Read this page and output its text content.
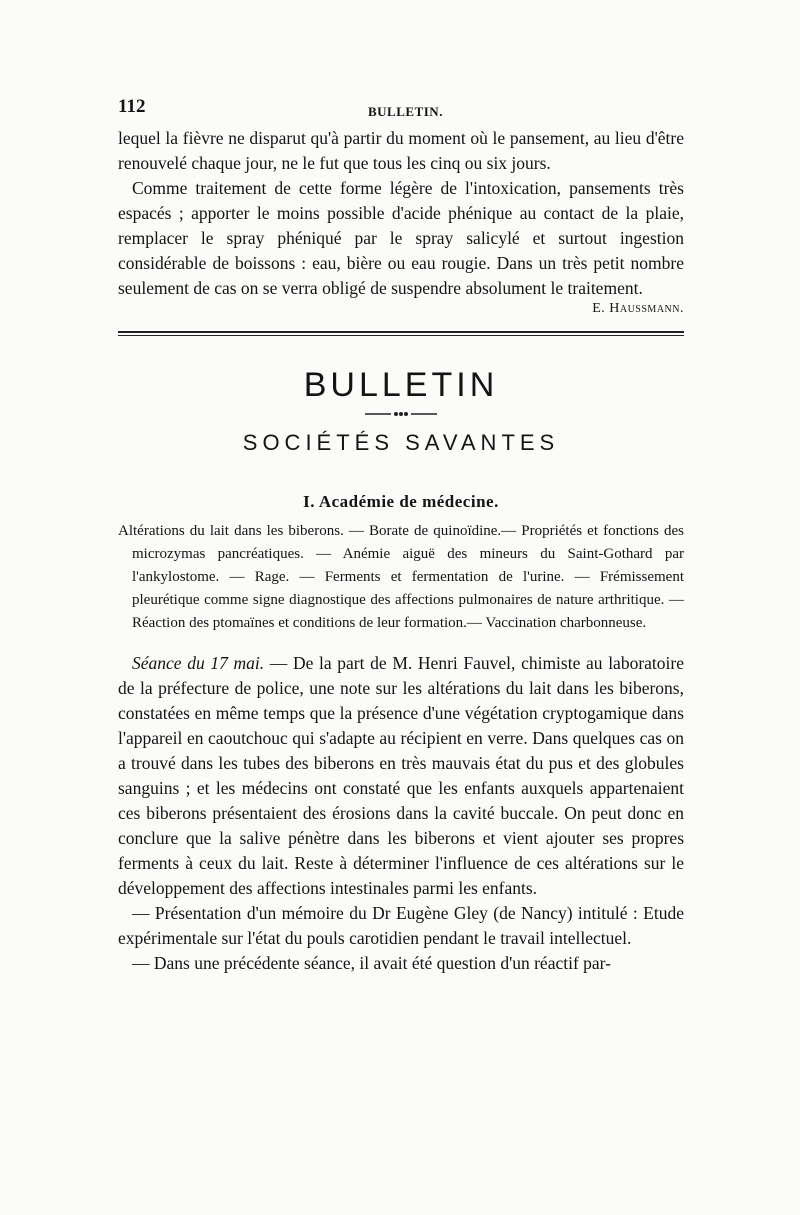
112	BULLETIN.

lequel la fièvre ne disparut qu'à partir du moment où le pansement, au lieu d'être renouvelé chaque jour, ne le fut que tous les cinq ou six jours.

Comme traitement de cette forme légère de l'intoxication, pansements très espacés ; apporter le moins possible d'acide phénique au contact de la plaie, remplacer le spray phéniqué par le spray salicylé et surtout ingestion considérable de boissons : eau, bière ou eau rougie. Dans un très petit nombre seulement de cas on se verra obligé de suspendre absolument le traitement.

E. Haussmann.

BULLETIN
SOCIÉTÉS SAVANTES
I. Académie de médecine.

Altérations du lait dans les biberons. — Borate de quinoïdine.— Propriétés et fonctions des microzymas pancréatiques. — Anémie aiguë des mineurs du Saint-Gothard par l'ankylostome. — Rage. — Ferments et fermentation de l'urine. — Frémissement pleurétique comme signe diagnostique des affections pulmonaires de nature arthritique. — Réaction des ptomaïnes et conditions de leur formation.— Vaccination charbonneuse.

Séance du 17 mai. — De la part de M. Henri Fauvel, chimiste au laboratoire de la préfecture de police, une note sur les altérations du lait dans les biberons, constatées en même temps que la présence d'une végétation cryptogamique dans l'appareil en caoutchouc qui s'adapte au récipient en verre. Dans quelques cas on a trouvé dans les tubes des biberons en très mauvais état du pus et des globules sanguins ; et les médecins ont constaté que les enfants auxquels appartenaient ces biberons présentaient des érosions dans la cavité buccale. On peut donc en conclure que la salive pénètre dans les biberons et vient ajouter ses propres ferments à ceux du lait. Reste à déterminer l'influence de ces altérations sur le développement des affections intestinales parmi les enfants.

— Présentation d'un mémoire du Dr Eugène Gley (de Nancy) intitulé : Etude expérimentale sur l'état du pouls carotidien pendant le travail intellectuel.

— Dans une précédente séance, il avait été question d'un réactif par-
